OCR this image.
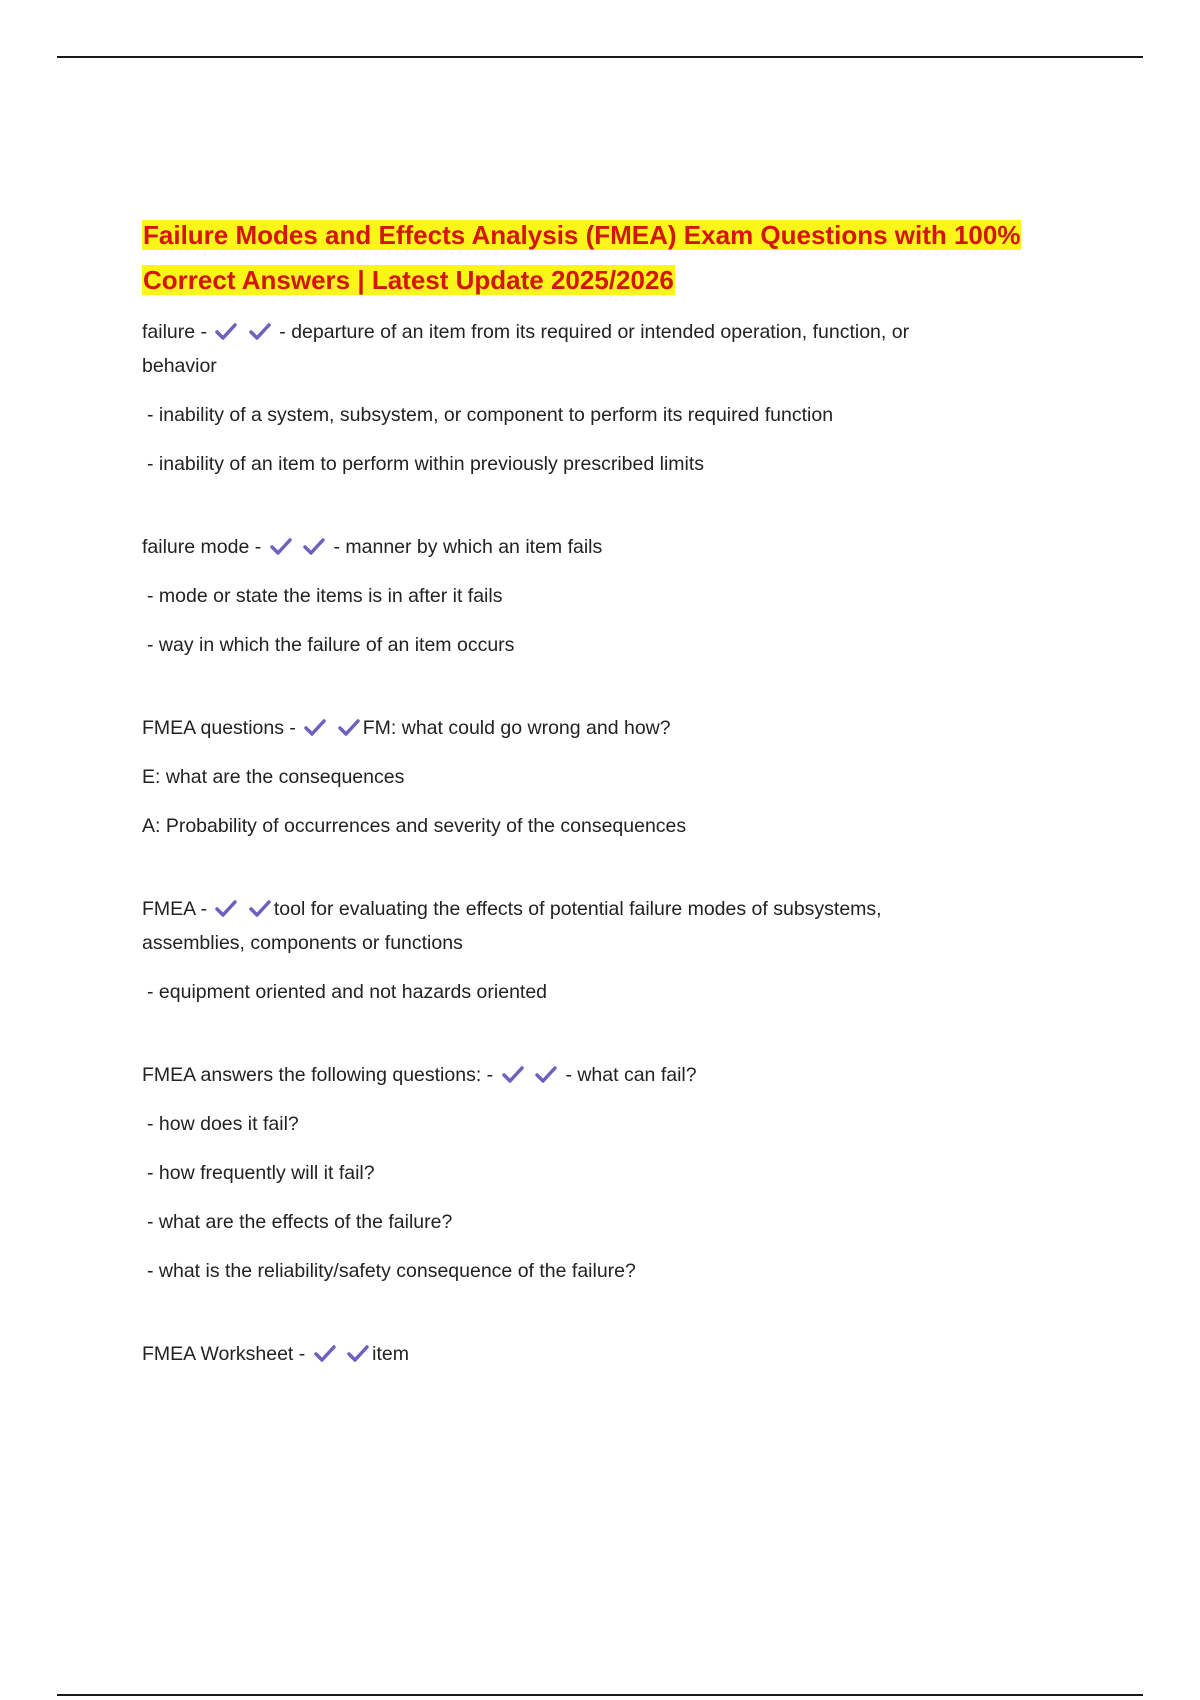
Failure Modes and Effects Analysis (FMEA) Exam Questions with 100%
Correct Answers | Latest Update 2025/2026
failure -
	- departure of an item from its required or intended operation, function, or
behavior
- inability of a system, subsystem, or component to perform its required function
- inability of an item to perform within previously prescribed limits
failure mode -
	- manner by which an item fails
- mode or state the items is in after it fails
- way in which the failure of an item occurs
FMEA questions -
	FM: what could go wrong and how?
E: what are the consequences
A: Probability of occurrences and severity of the consequences
FMEA -
	tool for evaluating the effects of potential failure modes of subsystems,
assemblies, components or functions
- equipment oriented and not hazards oriented
FMEA answers the following questions: -
	- what can fail?
- how does it fail?
- how frequently will it fail?
- what are the effects of the failure?
- what is the reliability/safety consequence of the failure?
FMEA Worksheet -
	item
